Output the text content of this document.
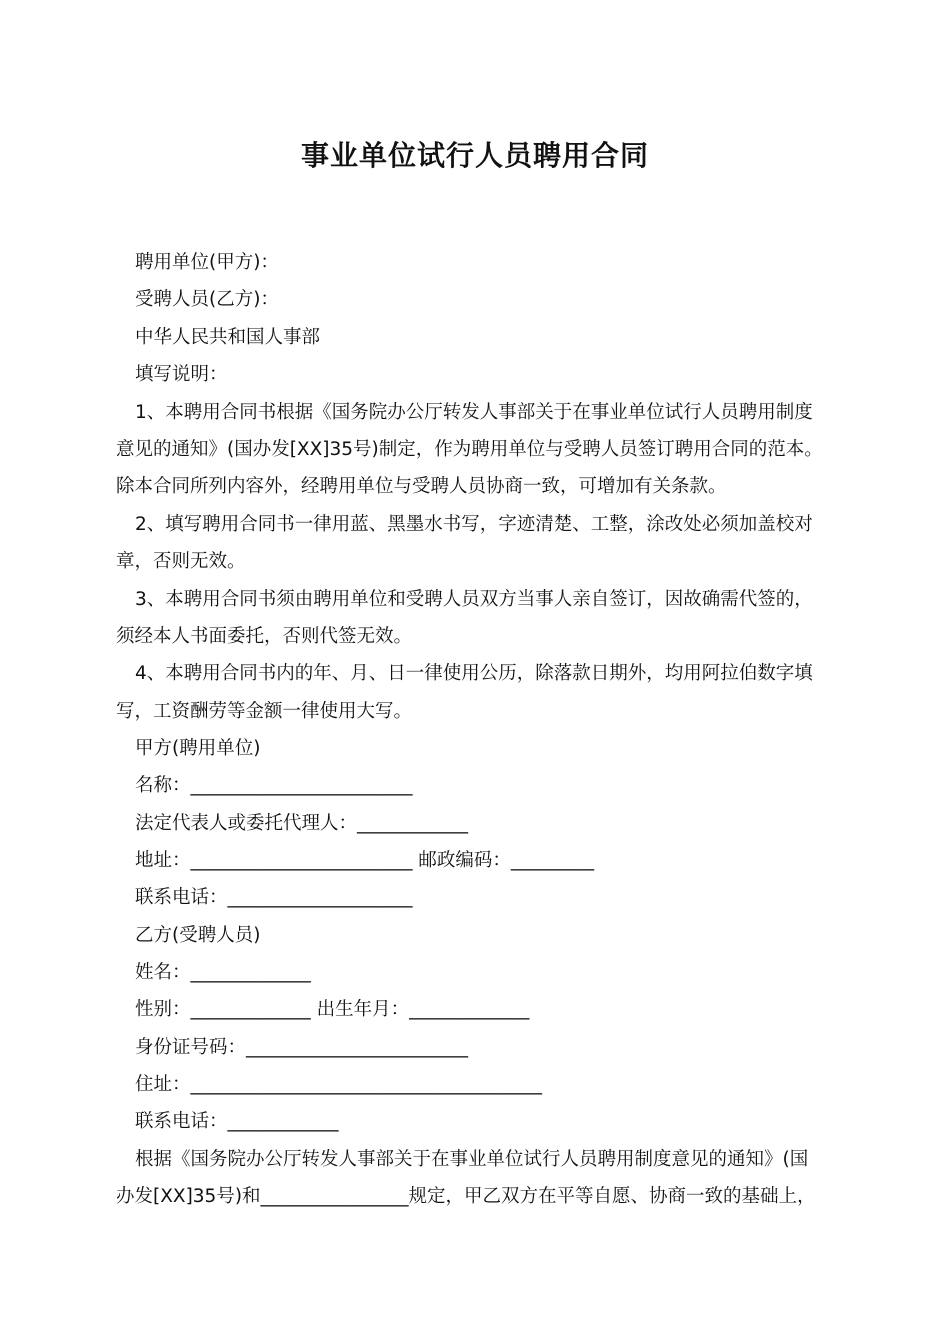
事业单位试行人员聘用合同
聘用单位(甲方)：
受聘人员(乙方)：
中华人民共和国人事部
填写说明：
1、本聘用合同书根据《国务院办公厅转发人事部关于在事业单位试行人员聘用制度
意见的通知》(国办发[XX]35号)制定，作为聘用单位与受聘人员签订聘用合同的范本。
除本合同所列内容外，经聘用单位与受聘人员协商一致，可增加有关条款。
2、填写聘用合同书一律用蓝、黑墨水书写，字迹清楚、工整，涂改处必须加盖校对
章，否则无效。
3、本聘用合同书须由聘用单位和受聘人员双方当事人亲自签订，因故确需代签的，
须经本人书面委托，否则代签无效。
4、本聘用合同书内的年、月、日一律使用公历，除落款日期外，均用阿拉伯数字填
写，工资酬劳等金额一律使用大写。
甲方(聘用单位)
名称：________________________
法定代表人或委托代理人：____________
地址：________________________ 邮政编码：_________
联系电话：____________________
乙方(受聘人员)
姓名：_____________
性别：_____________ 出生年月：_____________
身份证号码：________________________
住址：______________________________________
联系电话：____________
根据《国务院办公厅转发人事部关于在事业单位试行人员聘用制度意见的通知》(国
办发[XX]35号)和________________规定，甲乙双方在平等自愿、协商一致的基础上，
